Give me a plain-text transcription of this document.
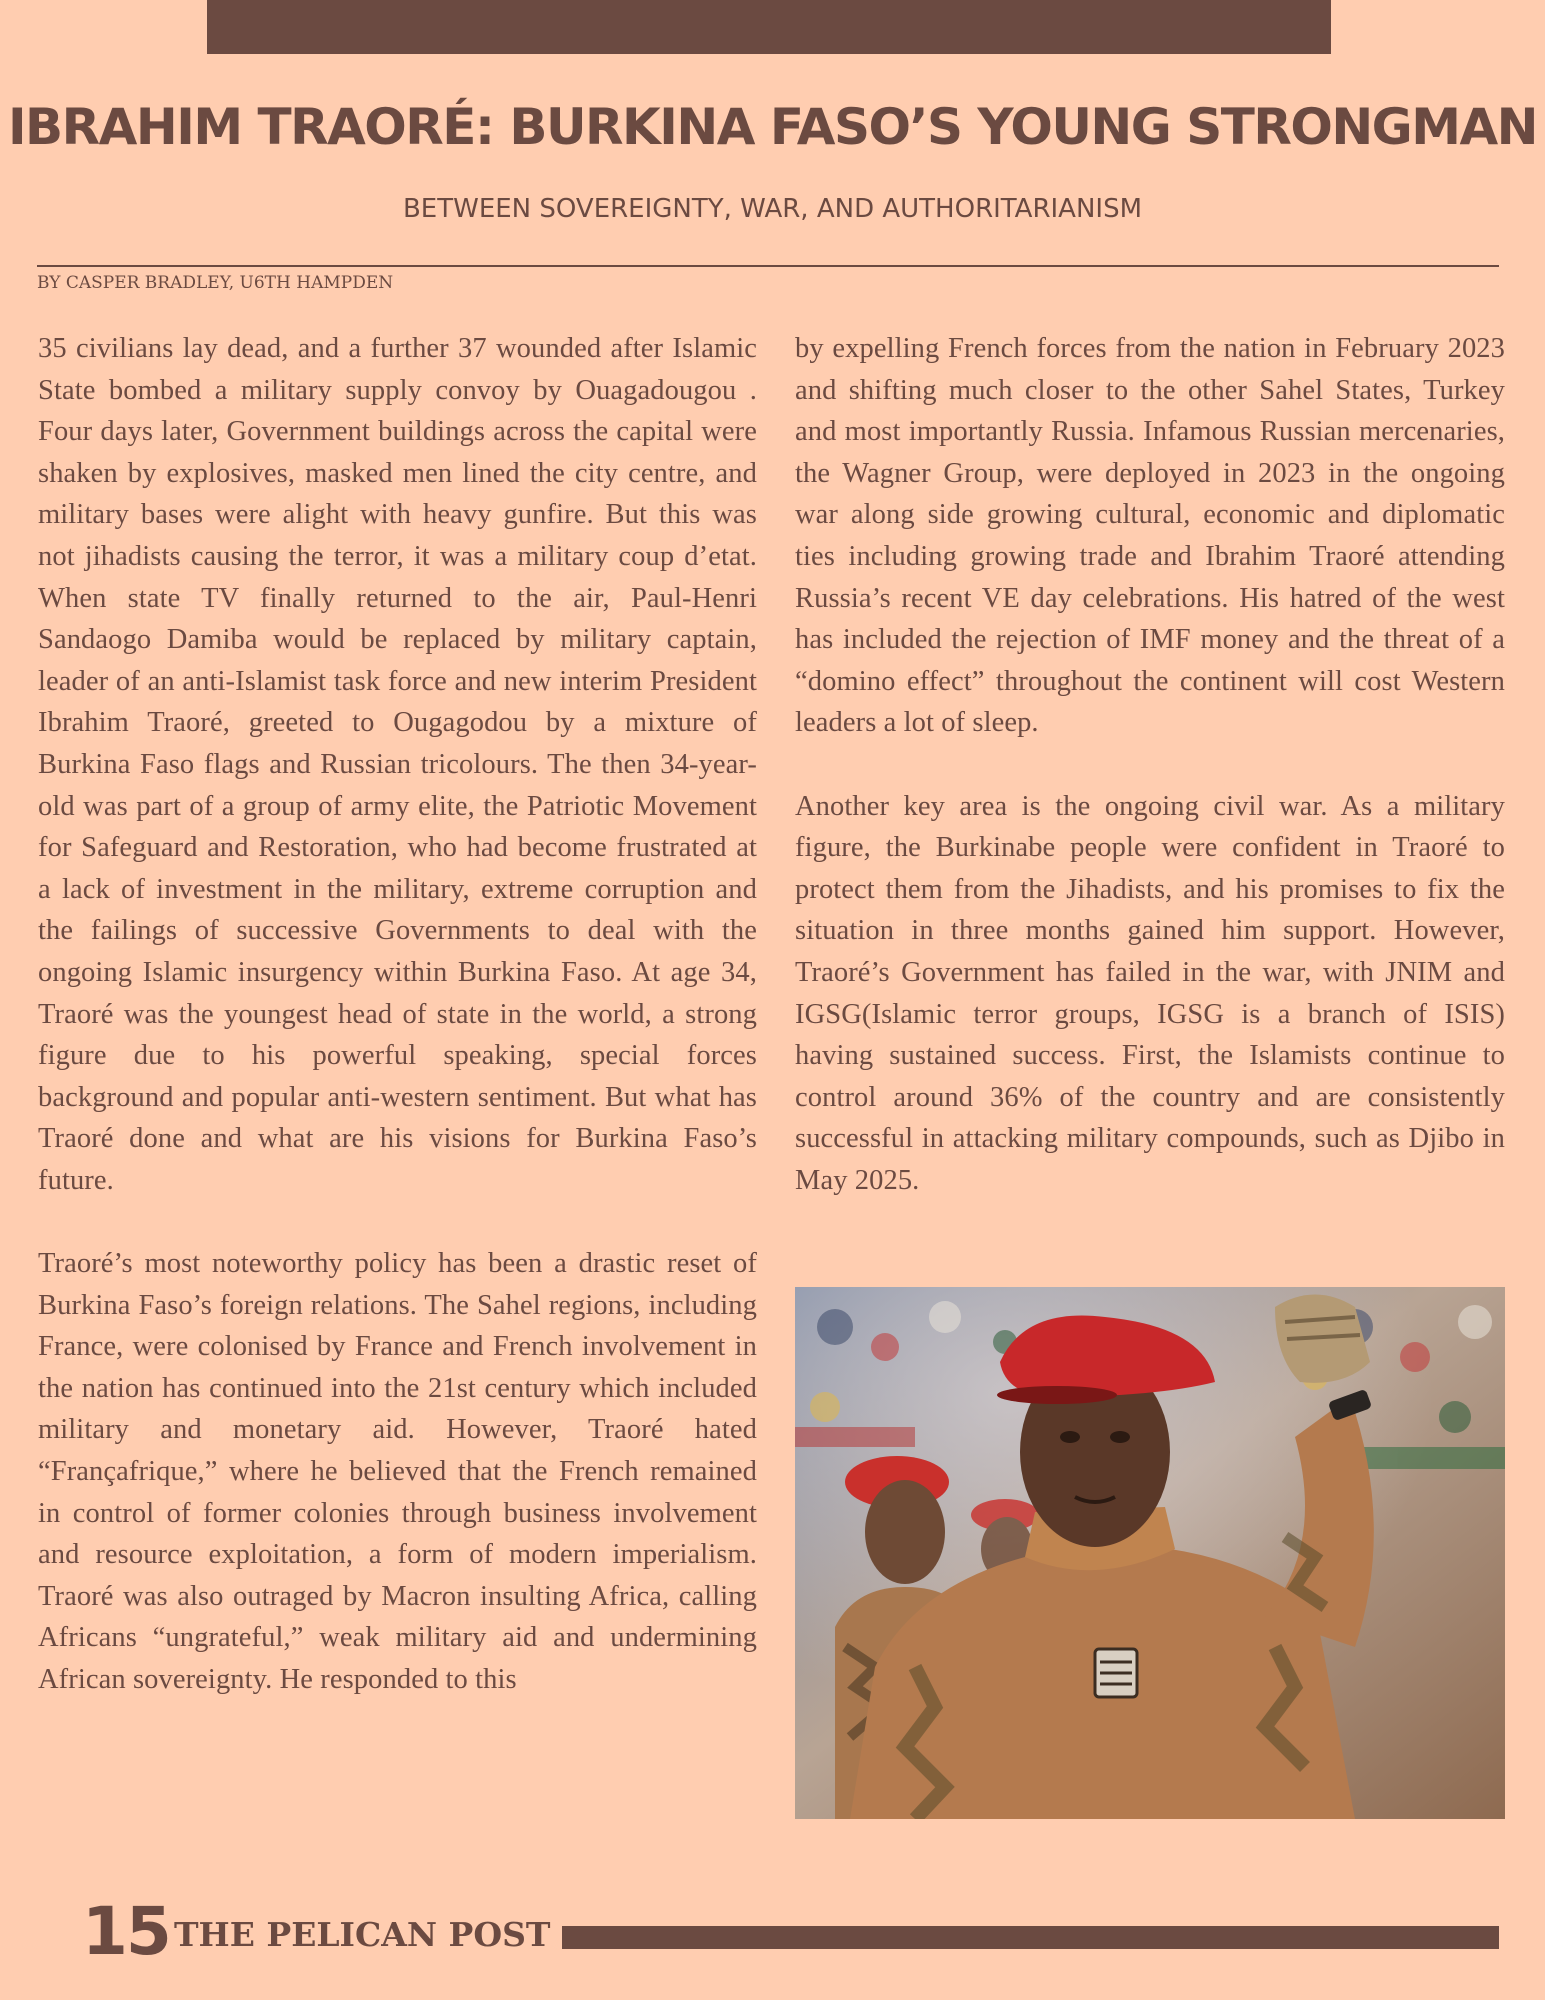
IBRAHIM TRAORÉ: BURKINA FASO’S YOUNG STRONGMAN
BETWEEN SOVEREIGNTY, WAR, AND AUTHORITARIANISM
BY CASPER BRADLEY, U6TH HAMPDEN

35 civilians lay dead, and a further 37 wounded after Islamic State bombed a military supply convoy by Ouagadougou . Four days later, Government buildings across the capital were shaken by explosives, masked men lined the city centre, and military bases were alight with heavy gunfire. But this was not jihadists causing the terror, it was a military coup d’etat. When state TV finally returned to the air, Paul-Henri Sandaogo Damiba would be replaced by military captain, leader of an anti-Islamist task force and new interim President Ibrahim Traoré, greeted to Ougagodou by a mixture of Burkina Faso flags and Russian tricolours. The then 34-year-old was part of a group of army elite, the Patriotic Movement for Safeguard and Restoration, who had become frustrated at a lack of investment in the military, extreme corruption and the failings of successive Governments to deal with the ongoing Islamic insurgency within Burkina Faso. At age 34, Traoré was the youngest head of state in the world, a strong figure due to his powerful speaking, special forces background and popular anti-western sentiment. But what has Traoré done and what are his visions for Burkina Faso’s future.

Traoré’s most noteworthy policy has been a drastic reset of Burkina Faso’s foreign relations. The Sahel regions, including France, were colonised by France and French involvement in the nation has continued into the 21st century which included military and monetary aid. However, Traoré hated “Françafrique,” where he believed that the French remained in control of former colonies through business involvement and resource exploitation, a form of modern imperialism. Traoré was also outraged by Macron insulting Africa, calling Africans “ungrateful,” weak military aid and undermining African sovereignty. He responded to this

by expelling French forces from the nation in February 2023 and shifting much closer to the other Sahel States, Turkey and most importantly Russia. Infamous Russian mercenaries, the Wagner Group, were deployed in 2023 in the ongoing war along side growing cultural, economic and diplomatic ties including growing trade and Ibrahim Traoré attending Russia’s recent VE day celebrations. His hatred of the west has included the rejection of IMF money and the threat of a “domino effect” throughout the continent will cost Western leaders a lot of sleep.

Another key area is the ongoing civil war. As a military figure, the Burkinabe people were confident in Traoré to protect them from the Jihadists, and his promises to fix the situation in three months gained him support. However, Traoré’s Government has failed in the war, with JNIM and IGSG(Islamic terror groups, IGSG is a branch of ISIS) having sustained success. First, the Islamists continue to control around 36% of the country and are consistently successful in attacking military compounds, such as Djibo in May 2025.

15 THE PELICAN POST
